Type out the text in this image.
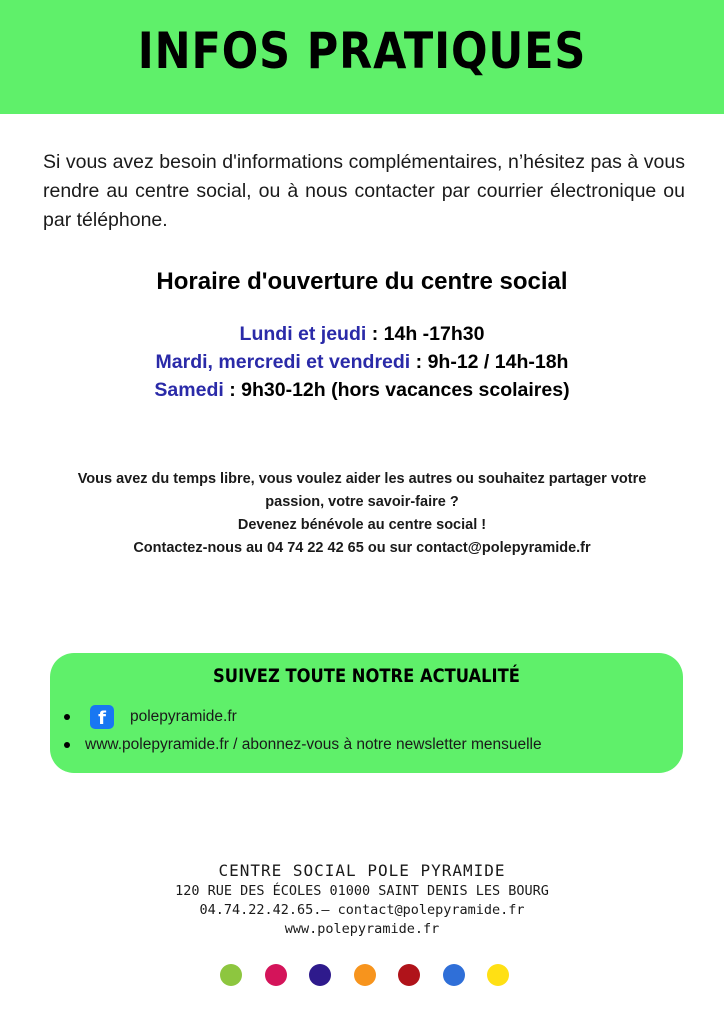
INFOS PRATIQUES
Si vous avez besoin d'informations complémentaires, n’hésitez pas à vous rendre au centre social, ou à nous contacter par courrier électronique ou par téléphone.
Horaire d'ouverture du centre social
Lundi et jeudi : 14h -17h30
Mardi, mercredi et vendredi : 9h-12 / 14h-18h
Samedi : 9h30-12h (hors vacances scolaires)
Vous avez du temps libre, vous voulez aider les autres ou souhaitez partager votre
passion, votre savoir-faire ?
Devenez bénévole au centre social !
Contactez-nous au 04 74 22 42 65 ou sur contact@polepyramide.fr
SUIVEZ TOUTE NOTRE ACTUALITÉ
f	polepyramide.fr
www.polepyramide.fr / abonnez-vous à notre newsletter mensuelle
CENTRE SOCIAL POLE PYRAMIDE
120 RUE DES ÉCOLES 01000 SAINT DENIS LES BOURG
04.74.22.42.65.– contact@polepyramide.fr
www.polepyramide.fr
